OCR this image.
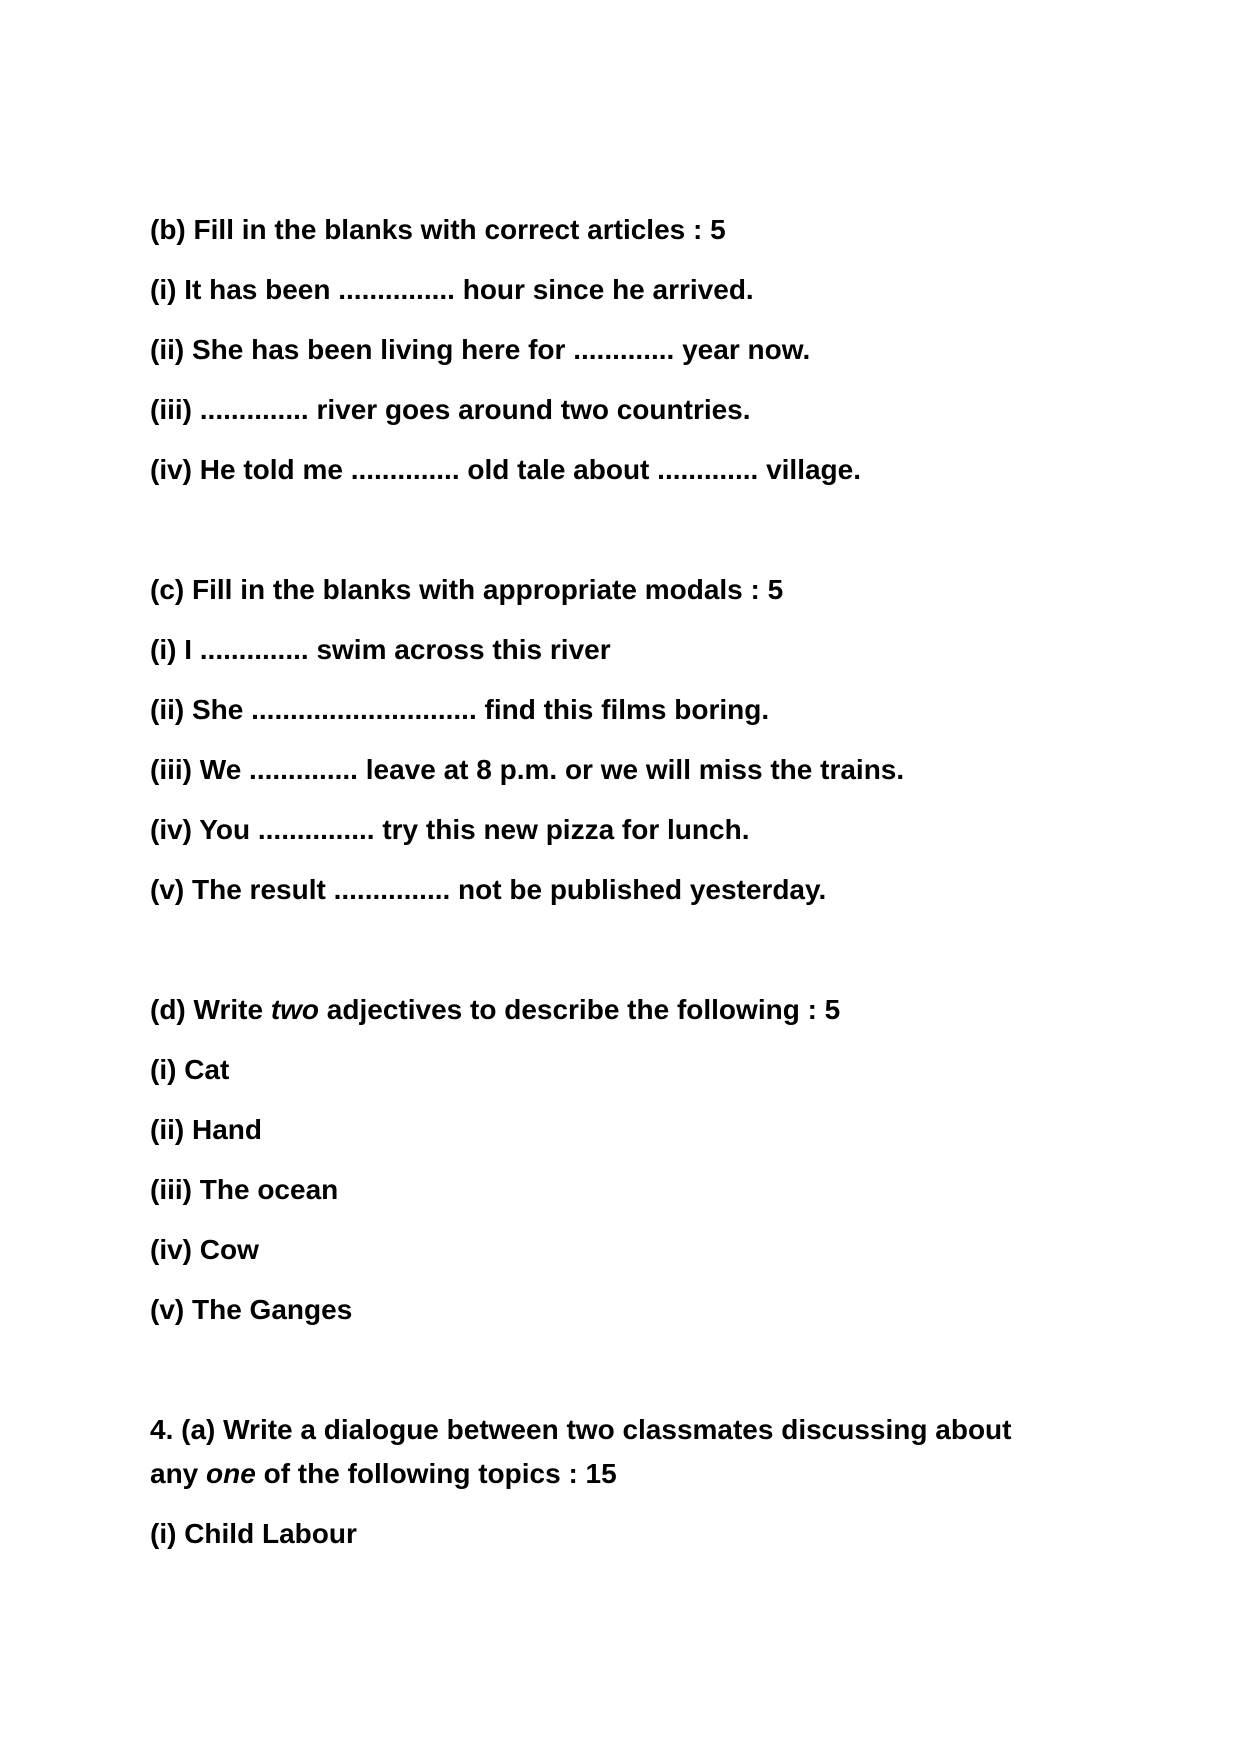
(b) Fill in the blanks with correct articles : 5

(i) It has been ............... hour since he arrived.

(ii) She has been living here for ............. year now.

(iii) .............. river goes around two countries.

(iv) He told me .............. old tale about ............. village.

(c) Fill in the blanks with appropriate modals : 5

(i) I .............. swim across this river

(ii) She ............................. find this films boring.

(iii) We .............. leave at 8 p.m. or we will miss the trains.

(iv) You ............... try this new pizza for lunch.

(v) The result ............... not be published yesterday.

(d) Write two adjectives to describe the following : 5

(i) Cat

(ii) Hand

(iii) The ocean

(iv) Cow

(v) The Ganges

4. (a) Write a dialogue between two classmates discussing about

any one of the following topics : 15

(i) Child Labour
